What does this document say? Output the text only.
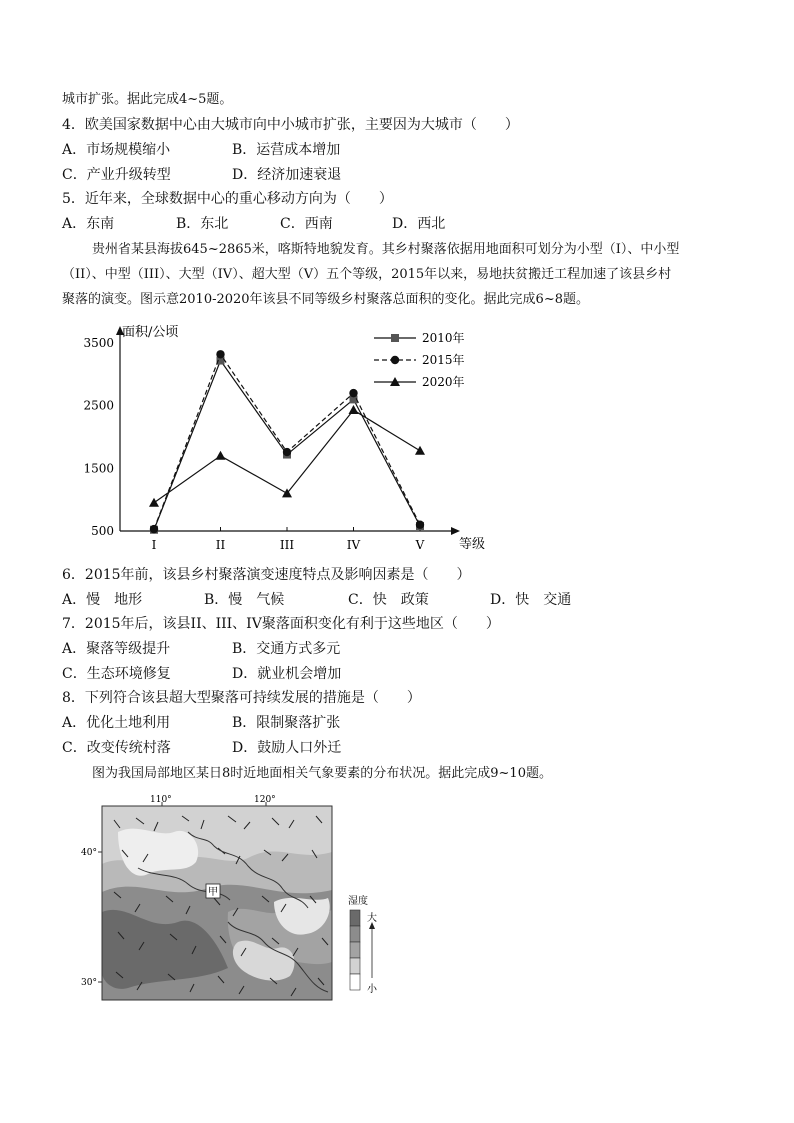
城市扩张。据此完成4~5题。
4．欧美国家数据中心由大城市向中小城市扩张，主要因为大城市（　　）
A．市场规模缩小	B．运营成本增加
C．产业升级转型	D．经济加速衰退
5．近年来，全球数据中心的重心移动方向为（　　）
A．东南	B．东北	C．西南	D．西北
贵州省某县海拔645~2865米，喀斯特地貌发育。其乡村聚落依据用地面积可划分为小型（I）、中小型
（II）、中型（III）、大型（IV）、超大型（V）五个等级，2015年以来，易地扶贫搬迁工程加速了该县乡村
聚落的演变。图示意2010-2020年该县不同等级乡村聚落总面积的变化。据此完成6~8题。
面积/公顷
等级
500
1500
2500
3500
I	II	III	IV	V
2010年
2015年
2020年
6．2015年前，该县乡村聚落演变速度特点及影响因素是（　　）
A．慢　地形	B．慢　气候	C．快　政策	D．快　交通
7．2015年后，该县II、III、IV聚落面积变化有利于这些地区（　　）
A．聚落等级提升	B．交通方式多元
C．生态环境修复	D．就业机会增加
8．下列符合该县超大型聚落可持续发展的措施是（　　）
A．优化土地利用	B．限制聚落扩张
C．改变传统村落	D．鼓励人口外迁
图为我国局部地区某日8时近地面相关气象要素的分布状况。据此完成9~10题。
110°	120°
40°
30°
甲
湿度
大
小
